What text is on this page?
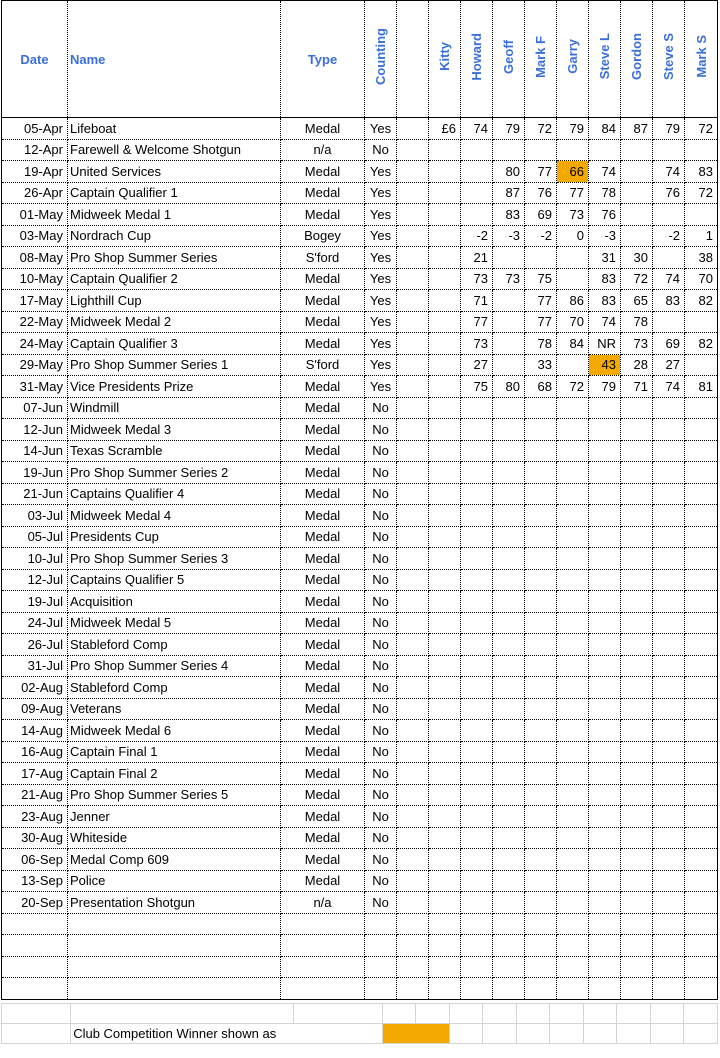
Date	Name	Type	Counting		Kitty	Howard	Geoff	Mark F	Garry	Steve L	Gordon	Steve S	Mark S
05-Apr	Lifeboat	Medal	Yes		£6	74	79	72	79	84	87	79	72
12-Apr	Farewell & Welcome Shotgun	n/a	No										
19-Apr	United Services	Medal	Yes				80	77	66	74		74	83
26-Apr	Captain Qualifier 1	Medal	Yes				87	76	77	78		76	72
01-May	Midweek Medal 1	Medal	Yes				83	69	73	76			
03-May	Nordrach Cup	Bogey	Yes			-2	-3	-2	0	-3		-2	1
08-May	Pro Shop Summer Series	S'ford	Yes			21				31	30		38
10-May	Captain Qualifier 2	Medal	Yes			73	73	75		83	72	74	70
17-May	Lighthill Cup	Medal	Yes			71		77	86	83	65	83	82
22-May	Midweek Medal 2	Medal	Yes			77		77	70	74	78		
24-May	Captain Qualifier 3	Medal	Yes			73		78	84	NR	73	69	82
29-May	Pro Shop Summer Series 1	S'ford	Yes			27		33		43	28	27	
31-May	Vice Presidents Prize	Medal	Yes			75	80	68	72	79	71	74	81
07-Jun	Windmill	Medal	No										
12-Jun	Midweek Medal 3	Medal	No										
14-Jun	Texas Scramble	Medal	No										
19-Jun	Pro Shop Summer Series 2	Medal	No										
21-Jun	Captains Qualifier 4	Medal	No										
03-Jul	Midweek Medal 4	Medal	No										
05-Jul	Presidents Cup	Medal	No										
10-Jul	Pro Shop Summer Series 3	Medal	No										
12-Jul	Captains Qualifier 5	Medal	No										
19-Jul	Acquisition	Medal	No										
24-Jul	Midweek Medal 5	Medal	No										
26-Jul	Stableford Comp	Medal	No										
31-Jul	Pro Shop Summer Series 4	Medal	No										
02-Aug	Stableford Comp	Medal	No										
09-Aug	Veterans	Medal	No										
14-Aug	Midweek Medal 6	Medal	No										
16-Aug	Captain Final 1	Medal	No										
17-Aug	Captain Final 2	Medal	No										
21-Aug	Pro Shop Summer Series 5	Medal	No										
23-Aug	Jenner	Medal	No										
30-Aug	Whiteside	Medal	No										
06-Sep	Medal Comp 609	Medal	No										
13-Sep	Police	Medal	No										
20-Sep	Presentation Shotgun	n/a	No										

	Club Competition Winner shown as											
